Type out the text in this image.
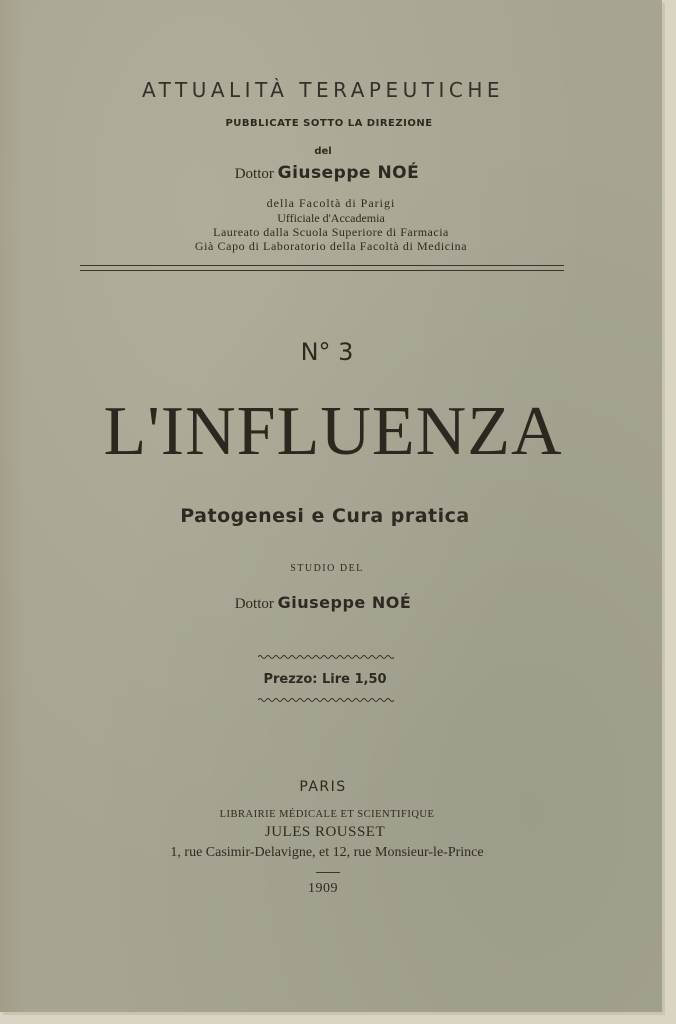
ATTUALITÀ TERAPEUTICHE
PUBBLICATE SOTTO LA DIREZIONE
del
Dottor Giuseppe NOÉ
della Facoltà di Parigi
Ufficiale d'Accademia
Laureato dalla Scuola Superiore di Farmacia
Già Capo di Laboratorio della Facoltà di Medicina
N° 3
L'INFLUENZA
Patogenesi e Cura pratica
STUDIO DEL
Dottor Giuseppe NOÉ
Prezzo: Lire 1,50
PARIS
LIBRAIRIE MÉDICALE ET SCIENTIFIQUE
JULES ROUSSET
1, rue Casimir-Delavigne, et 12, rue Monsieur-le-Prince
1909
